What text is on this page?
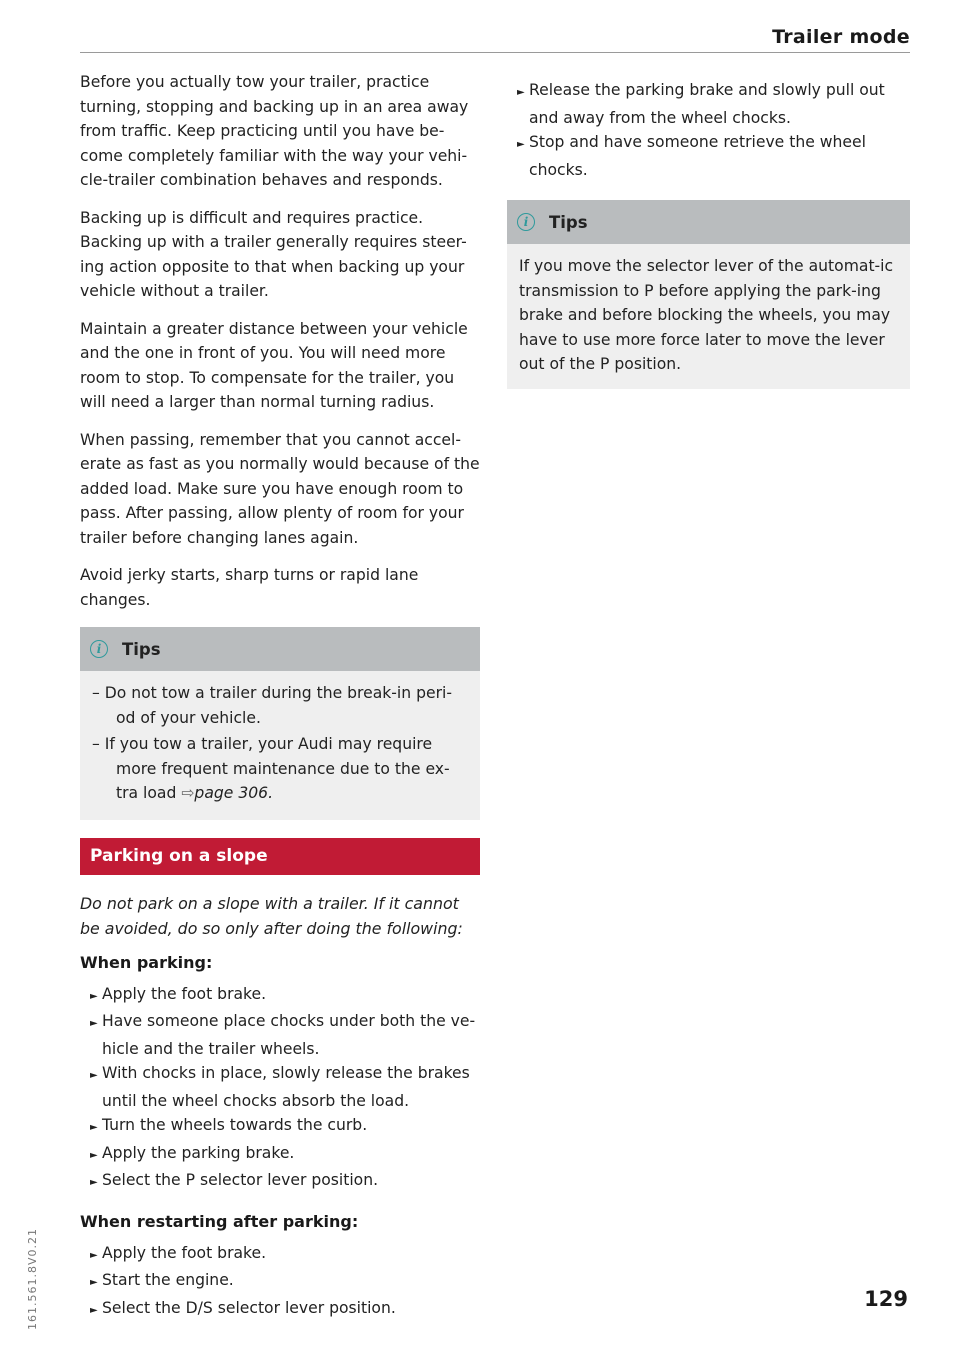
Trailer mode

Before you actually tow your trailer, practice turning, stopping and backing up in an area away from traffic. Keep practicing until you have be-come completely familiar with the way your vehi-cle-trailer combination behaves and responds.

Backing up is difficult and requires practice. Backing up with a trailer generally requires steer-ing action opposite to that when backing up your vehicle without a trailer.

Maintain a greater distance between your vehicle and the one in front of you. You will need more room to stop. To compensate for the trailer, you will need a larger than normal turning radius.

When passing, remember that you cannot accel-erate as fast as you normally would because of the added load. Make sure you have enough room to pass. After passing, allow plenty of room for your trailer before changing lanes again.

Avoid jerky starts, sharp turns or rapid lane changes.

i	Tips
– Do not tow a trailer during the break-in peri-od of your vehicle.
– If you tow a trailer, your Audi may require more frequent maintenance due to the ex-tra load ⇨page 306.
Parking on a slope

Do not park on a slope with a trailer. If it cannot be avoided, do so only after doing the following:

When parking:
► Apply the foot brake.
► Have someone place chocks under both the ve-hicle and the trailer wheels.
► With chocks in place, slowly release the brakes until the wheel chocks absorb the load.
► Turn the wheels towards the curb.
► Apply the parking brake.
► Select the P selector lever position.
When restarting after parking:
► Apply the foot brake.
► Start the engine.
► Select the D/S selector lever position.
► Release the parking brake and slowly pull out and away from the wheel chocks.
► Stop and have someone retrieve the wheel chocks.
i	Tips
If you move the selector lever of the automat-ic transmission to P before applying the park-ing brake and before blocking the wheels, you may have to use more force later to move the lever out of the P position.
161.561.8V0.21	129
